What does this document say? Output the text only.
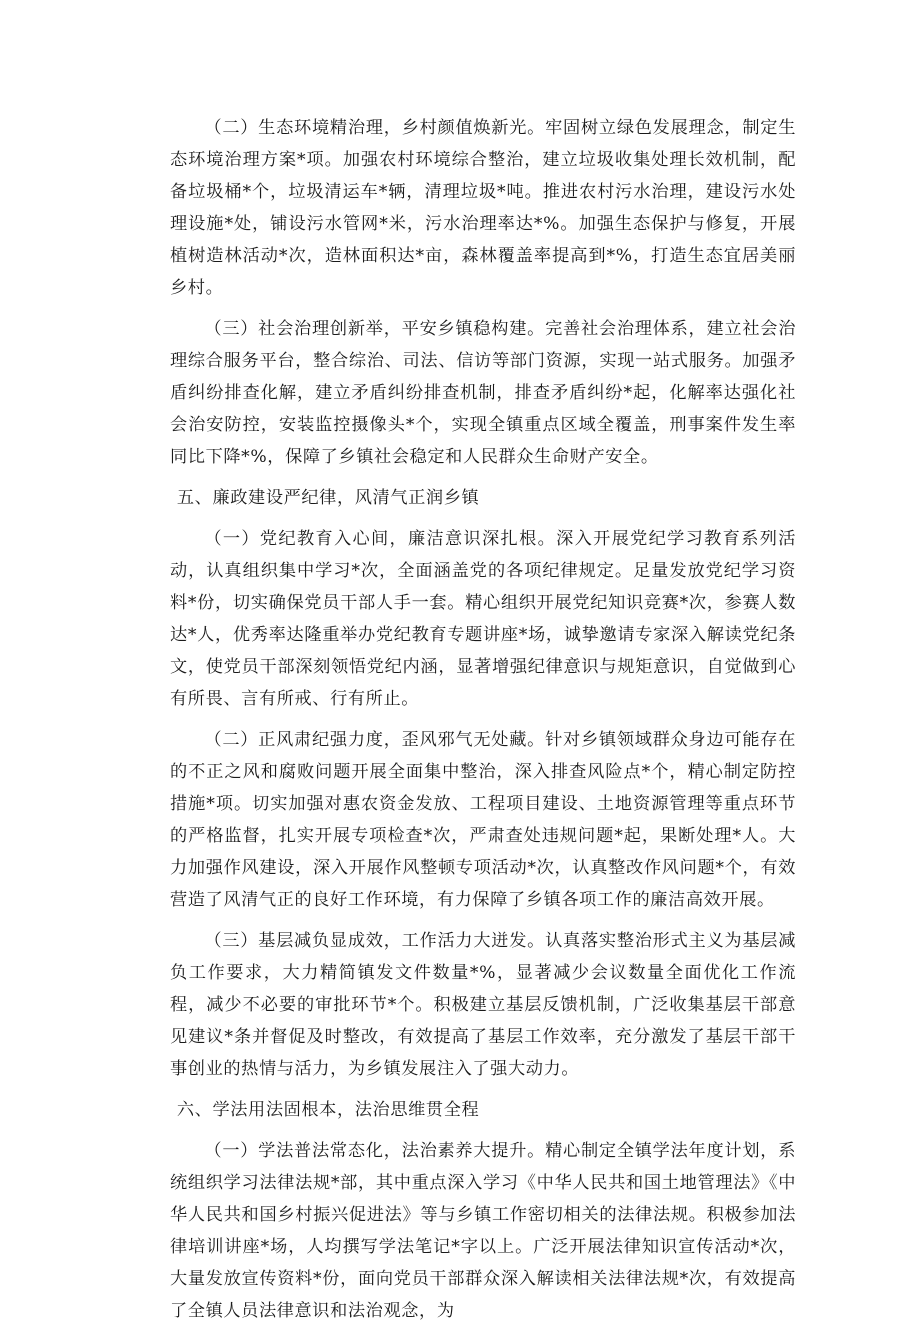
（二）生态环境精治理，乡村颜值焕新光。牢固树立绿色发展理念，制定生态环境治理方案*项。加强农村环境综合整治，建立垃圾收集处理长效机制，配备垃圾桶*个，垃圾清运车*辆，清理垃圾*吨。推进农村污水治理，建设污水处理设施*处，铺设污水管网*米，污水治理率达*%。加强生态保护与修复，开展植树造林活动*次，造林面积达*亩，森林覆盖率提高到*%，打造生态宜居美丽乡村。

（三）社会治理创新举，平安乡镇稳构建。完善社会治理体系，建立社会治理综合服务平台，整合综治、司法、信访等部门资源，实现一站式服务。加强矛盾纠纷排查化解，建立矛盾纠纷排查机制，排查矛盾纠纷*起，化解率达强化社会治安防控，安装监控摄像头*个，实现全镇重点区域全覆盖，刑事案件发生率同比下降*%，保障了乡镇社会稳定和人民群众生命财产安全。

五、廉政建设严纪律，风清气正润乡镇

（一）党纪教育入心间，廉洁意识深扎根。深入开展党纪学习教育系列活动，认真组织集中学习*次，全面涵盖党的各项纪律规定。足量发放党纪学习资料*份，切实确保党员干部人手一套。精心组织开展党纪知识竞赛*次，参赛人数达*人，优秀率达隆重举办党纪教育专题讲座*场，诚挚邀请专家深入解读党纪条文，使党员干部深刻领悟党纪内涵，显著增强纪律意识与规矩意识，自觉做到心有所畏、言有所戒、行有所止。

（二）正风肃纪强力度，歪风邪气无处藏。针对乡镇领域群众身边可能存在的不正之风和腐败问题开展全面集中整治，深入排查风险点*个，精心制定防控措施*项。切实加强对惠农资金发放、工程项目建设、土地资源管理等重点环节的严格监督，扎实开展专项检查*次，严肃查处违规问题*起，果断处理*人。大力加强作风建设，深入开展作风整顿专项活动*次，认真整改作风问题*个，有效营造了风清气正的良好工作环境，有力保障了乡镇各项工作的廉洁高效开展。

（三）基层减负显成效，工作活力大迸发。认真落实整治形式主义为基层减负工作要求，大力精简镇发文件数量*%，显著减少会议数量全面优化工作流程，减少不必要的审批环节*个。积极建立基层反馈机制，广泛收集基层干部意见建议*条并督促及时整改，有效提高了基层工作效率，充分激发了基层干部干事创业的热情与活力，为乡镇发展注入了强大动力。

六、学法用法固根本，法治思维贯全程

（一）学法普法常态化，法治素养大提升。精心制定全镇学法年度计划，系统组织学习法律法规*部，其中重点深入学习《中华人民共和国土地管理法》《中华人民共和国乡村振兴促进法》等与乡镇工作密切相关的法律法规。积极参加法律培训讲座*场，人均撰写学法笔记*字以上。广泛开展法律知识宣传活动*次，大量发放宣传资料*份，面向党员干部群众深入解读相关法律法规*次，有效提高了全镇人员法律意识和法治观念，为
